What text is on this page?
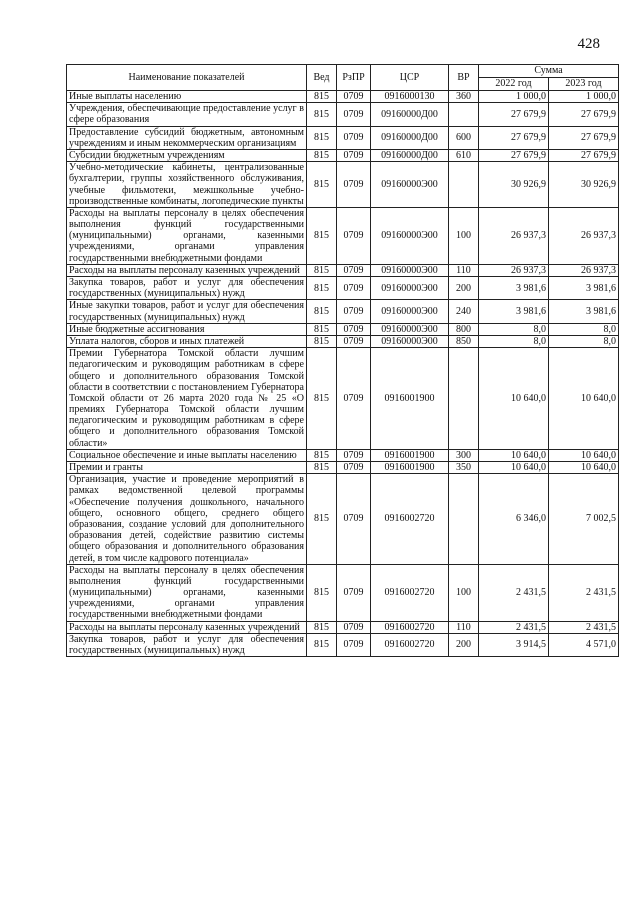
428
Наименование показателей	Вед	РзПР	ЦСР	ВР	Сумма	
					2022 год	2023 год
Иные выплаты населению	815	0709	0916000130	360	1 000,0	1 000,0
Учреждения, обеспечивающие предоставление услуг в сфере образования	815	0709	09160000Д00		27 679,9	27 679,9
Предоставление субсидий бюджетным, автономным учреждениям и иным некоммерческим организациям	815	0709	09160000Д00	600	27 679,9	27 679,9
Субсидии бюджетным учреждениям	815	0709	09160000Д00	610	27 679,9	27 679,9
Учебно-методические кабинеты, централизованные бухгалтерии, группы хозяйственного обслуживания, учебные фильмотеки, межшкольные учебно-производственные комбинаты, логопедические пункты	815	0709	09160000Э00		30 926,9	30 926,9
Расходы на выплаты персоналу в целях обеспечения выполнения функций государственными (муниципальными) органами, казенными учреждениями, органами управления государственными внебюджетными фондами	815	0709	09160000Э00	100	26 937,3	26 937,3
Расходы на выплаты персоналу казенных учреждений	815	0709	09160000Э00	110	26 937,3	26 937,3
Закупка товаров, работ и услуг для обеспечения государственных (муниципальных) нужд	815	0709	09160000Э00	200	3 981,6	3 981,6
Иные закупки товаров, работ и услуг для обеспечения государственных (муниципальных) нужд	815	0709	09160000Э00	240	3 981,6	3 981,6
Иные бюджетные ассигнования	815	0709	09160000Э00	800	8,0	8,0
Уплата налогов, сборов и иных платежей	815	0709	09160000Э00	850	8,0	8,0
Премии Губернатора Томской области лучшим педагогическим и руководящим работникам в сфере общего и дополнительного образования Томской области в соответствии с постановлением Губернатора Томской области от 26 марта 2020 года № 25 «О премиях Губернатора Томской области лучшим педагогическим и руководящим работникам в сфере общего и дополнительного образования Томской области»	815	0709	0916001900		10 640,0	10 640,0
Социальное обеспечение и иные выплаты населению	815	0709	0916001900	300	10 640,0	10 640,0
Премии и гранты	815	0709	0916001900	350	10 640,0	10 640,0
Организация, участие и проведение мероприятий в рамках ведомственной целевой программы «Обеспечение получения дошкольного, начального общего, основного общего, среднего общего образования, создание условий для дополнительного образования детей, содействие развитию системы общего образования и дополнительного образования детей, в том числе кадрового потенциала»	815	0709	0916002720		6 346,0	7 002,5
Расходы на выплаты персоналу в целях обеспечения выполнения функций государственными (муниципальными) органами, казенными учреждениями, органами управления государственными внебюджетными фондами	815	0709	0916002720	100	2 431,5	2 431,5
Расходы на выплаты персоналу казенных учреждений	815	0709	0916002720	110	2 431,5	2 431,5
Закупка товаров, работ и услуг для обеспечения государственных (муниципальных) нужд	815	0709	0916002720	200	3 914,5	4 571,0
